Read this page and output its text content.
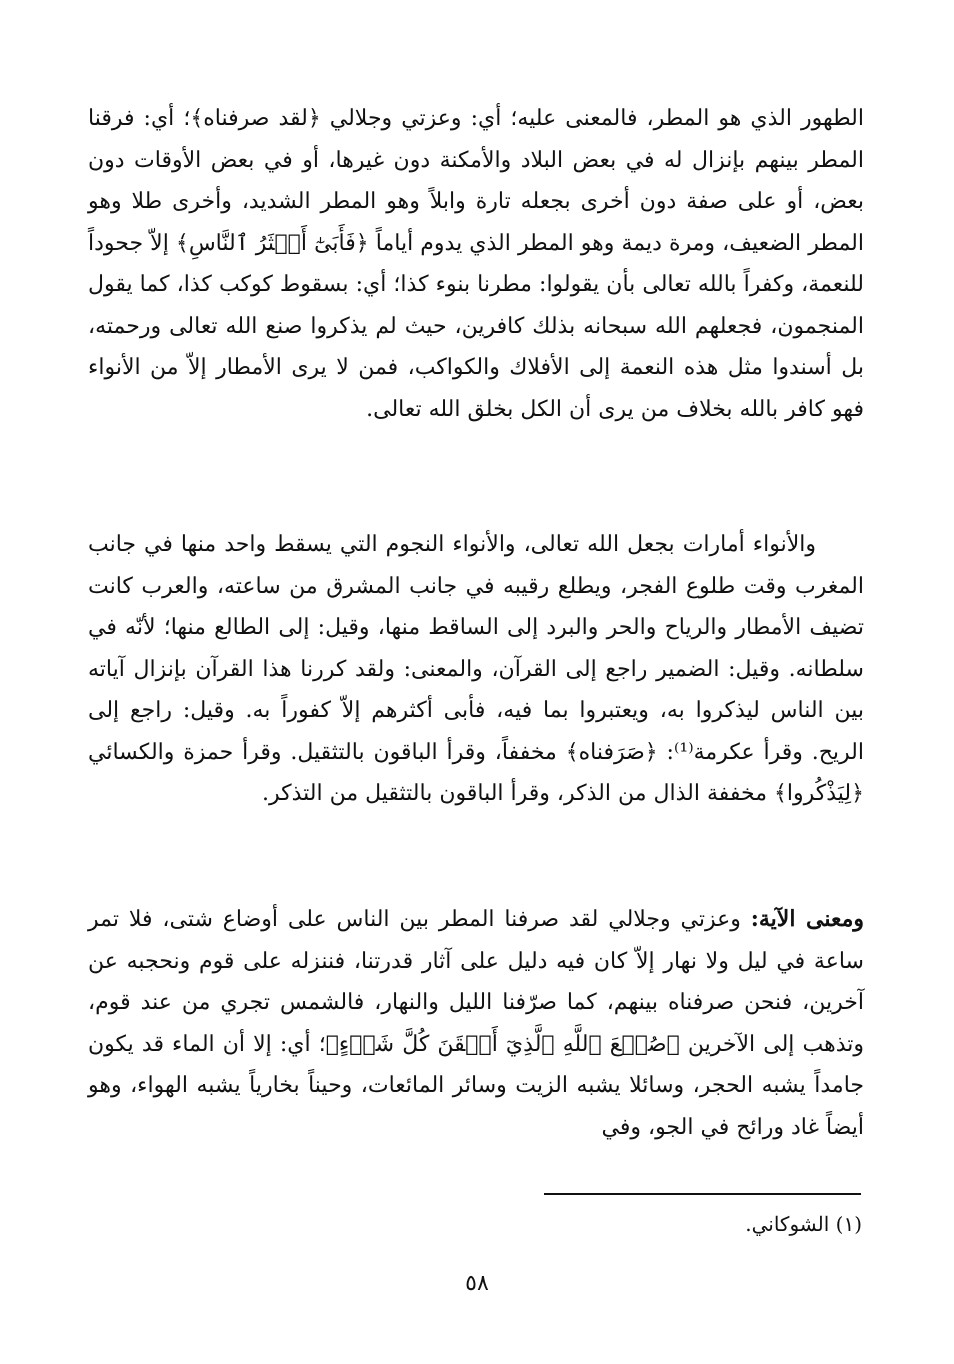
الطهور الذي هو المطر، فالمعنى عليه؛ أي: وعزتي وجلالي ﴿لقد صرفناه﴾؛ أي: فرقنا المطر بينهم بإنزال له في بعض البلاد والأمكنة دون غيرها، أو في بعض الأوقات دون بعض، أو على صفة دون أخرى بجعله تارة وابلاً وهو المطر الشديد، وأخرى طلا وهو المطر الضعيف، ومرة ديمة وهو المطر الذي يدوم أياماً ﴿فَأَبَىٰٓ أَكۡثَرُ ٱلنَّاسِ﴾ إلاّ جحوداً للنعمة، وكفراً بالله تعالى بأن يقولوا: مطرنا بنوء كذا؛ أي: بسقوط كوكب كذا، كما يقول المنجمون، فجعلهم الله سبحانه بذلك كافرين، حيث لم يذكروا صنع الله تعالى ورحمته، بل أسندوا مثل هذه النعمة إلى الأفلاك والكواكب، فمن لا يرى الأمطار إلاّ من الأنواء فهو كافر بالله بخلاف من يرى أن الكل بخلق الله تعالى.
والأنواء أمارات بجعل الله تعالى، والأنواء النجوم التي يسقط واحد منها في جانب المغرب وقت طلوع الفجر، ويطلع رقيبه في جانب المشرق من ساعته، والعرب كانت تضيف الأمطار والرياح والحر والبرد إلى الساقط منها، وقيل: إلى الطالع منها؛ لأنّه في سلطانه. وقيل: الضمير راجع إلى القرآن، والمعنى: ولقد كررنا هذا القرآن بإنزال آياته بين الناس ليذكروا به، ويعتبروا بما فيه، فأبى أكثرهم إلاّ كفوراً به. وقيل: راجع إلى الريح. وقرأ عكرمة⁽¹⁾: ﴿صَرَفناه﴾ مخففاً، وقرأ الباقون بالتثقيل. وقرأ حمزة والكسائي ﴿لِيَذْكُروا﴾ مخففة الذال من الذكر، وقرأ الباقون بالتثقيل من التذكر.
ومعنى الآية: وعزتي وجلالي لقد صرفنا المطر بين الناس على أوضاع شتى، فلا تمر ساعة في ليل ولا نهار إلاّ كان فيه دليل على آثار قدرتنا، فننزله على قوم ونحجبه عن آخرين، فنحن صرفناه بينهم، كما صرّفنا الليل والنهار، فالشمس تجري من عند قوم، وتذهب إلى الآخرين ﴿صُنۡعَ ٱللَّهِ ٱلَّذِيٓ أَتۡقَنَ كُلَّ شَيۡءٍ﴾؛ أي: إلا أن الماء قد يكون جامداً يشبه الحجر، وسائلا يشبه الزيت وسائر المائعات، وحيناً بخارياً يشبه الهواء، وهو أيضاً غاد ورائح في الجو، وفي
(١) الشوكاني.
٥٨
